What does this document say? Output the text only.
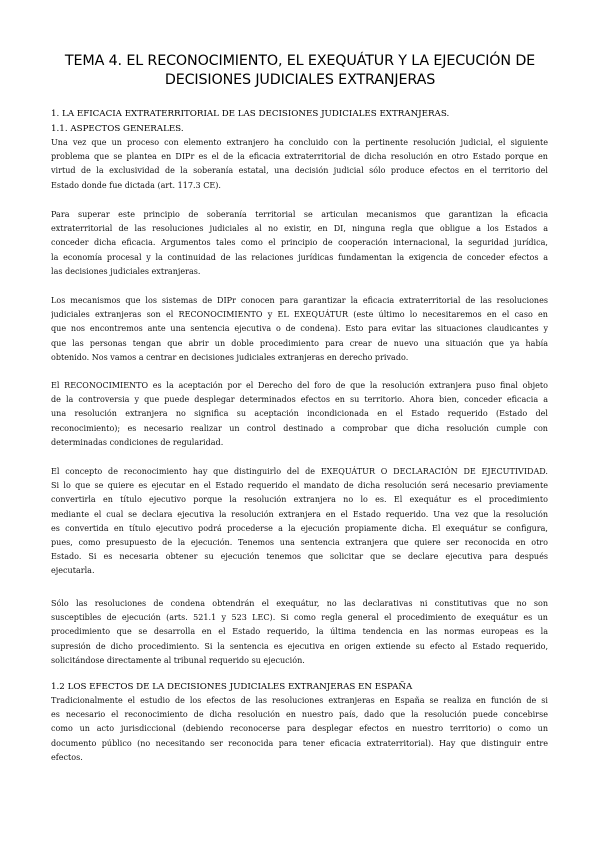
TEMA 4. EL RECONOCIMIENTO, EL EXEQUÁTUR Y LA EJECUCIÓN DE
DECISIONES JUDICIALES EXTRANJERAS
1. LA EFICACIA EXTRATERRITORIAL DE LAS DECISIONES JUDICIALES EXTRANJERAS.
1.1. ASPECTOS GENERALES.
Una vez que un proceso con elemento extranjero ha concluido con la pertinente resolución judicial, el siguiente
problema que se plantea en DIPr es el de la eficacia extraterritorial de dicha resolución en otro Estado porque en
virtud de la exclusividad de la soberanía estatal, una decisión judicial sólo produce efectos en el territorio del
Estado donde fue dictada (art. 117.3 CE).
Para superar este principio de soberanía territorial se articulan mecanismos que garantizan la eficacia
extraterritorial de las resoluciones judiciales al no existir, en DI, ninguna regla que obligue a los Estados a
conceder dicha eficacia. Argumentos tales como el principio de cooperación internacional, la seguridad jurídica,
la economía procesal y la continuidad de las relaciones jurídicas fundamentan la exigencia de conceder efectos a
las decisiones judiciales extranjeras.
Los mecanismos que los sistemas de DIPr conocen para garantizar la eficacia extraterritorial de las resoluciones
judiciales extranjeras son el RECONOCIMIENTO y EL EXEQUÁTUR (este último lo necesitaremos en el caso en
que nos encontremos ante una sentencia ejecutiva o de condena). Esto para evitar las situaciones claudicantes y
que las personas tengan que abrir un doble procedimiento para crear de nuevo una situación que ya había
obtenido. Nos vamos a centrar en decisiones judiciales extranjeras en derecho privado.
El RECONOCIMIENTO es la aceptación por el Derecho del foro de que la resolución extranjera puso final objeto
de la controversia y que puede desplegar determinados efectos en su territorio. Ahora bien, conceder eficacia a
una resolución extranjera no significa su aceptación incondicionada en el Estado requerido (Estado del
reconocimiento); es necesario realizar un control destinado a comprobar que dicha resolución cumple con
determinadas condiciones de regularidad.
El concepto de reconocimiento hay que distinguirlo del de EXEQUÁTUR O DECLARACIÓN DE EJECUTIVIDAD.
Si lo que se quiere es ejecutar en el Estado requerido el mandato de dicha resolución será necesario previamente
convertirla en título ejecutivo porque la resolución extranjera no lo es. El exequátur es el procedimiento
mediante el cual se declara ejecutiva la resolución extranjera en el Estado requerido. Una vez que la resolución
es convertida en título ejecutivo podrá procederse a la ejecución propiamente dicha. El exequátur se configura,
pues, como presupuesto de la ejecución. Tenemos una sentencia extranjera que quiere ser reconocida en otro
Estado. Si es necesaria obtener su ejecución tenemos que solicitar que se declare ejecutiva para después
ejecutarla.
Sólo las resoluciones de condena obtendrán el exequátur, no las declarativas ni constitutivas que no son
susceptibles de ejecución (arts. 521.1 y 523 LEC). Si como regla general el procedimiento de exequátur es un
procedimiento que se desarrolla en el Estado requerido, la última tendencia en las normas europeas es la
supresión de dicho procedimiento. Si la sentencia es ejecutiva en origen extiende su efecto al Estado requerido,
solicitándose directamente al tribunal requerido su ejecución.
1.2 LOS EFECTOS DE LA DECISIONES JUDICIALES EXTRANJERAS EN ESPAÑA
Tradicionalmente el estudio de los efectos de las resoluciones extranjeras en España se realiza en función de si
es necesario el reconocimiento de dicha resolución en nuestro país, dado que la resolución puede concebirse
como un acto jurisdiccional (debiendo reconocerse para desplegar efectos en nuestro territorio) o como un
documento público (no necesitando ser reconocida para tener eficacia extraterritorial). Hay que distinguir entre
efectos.
